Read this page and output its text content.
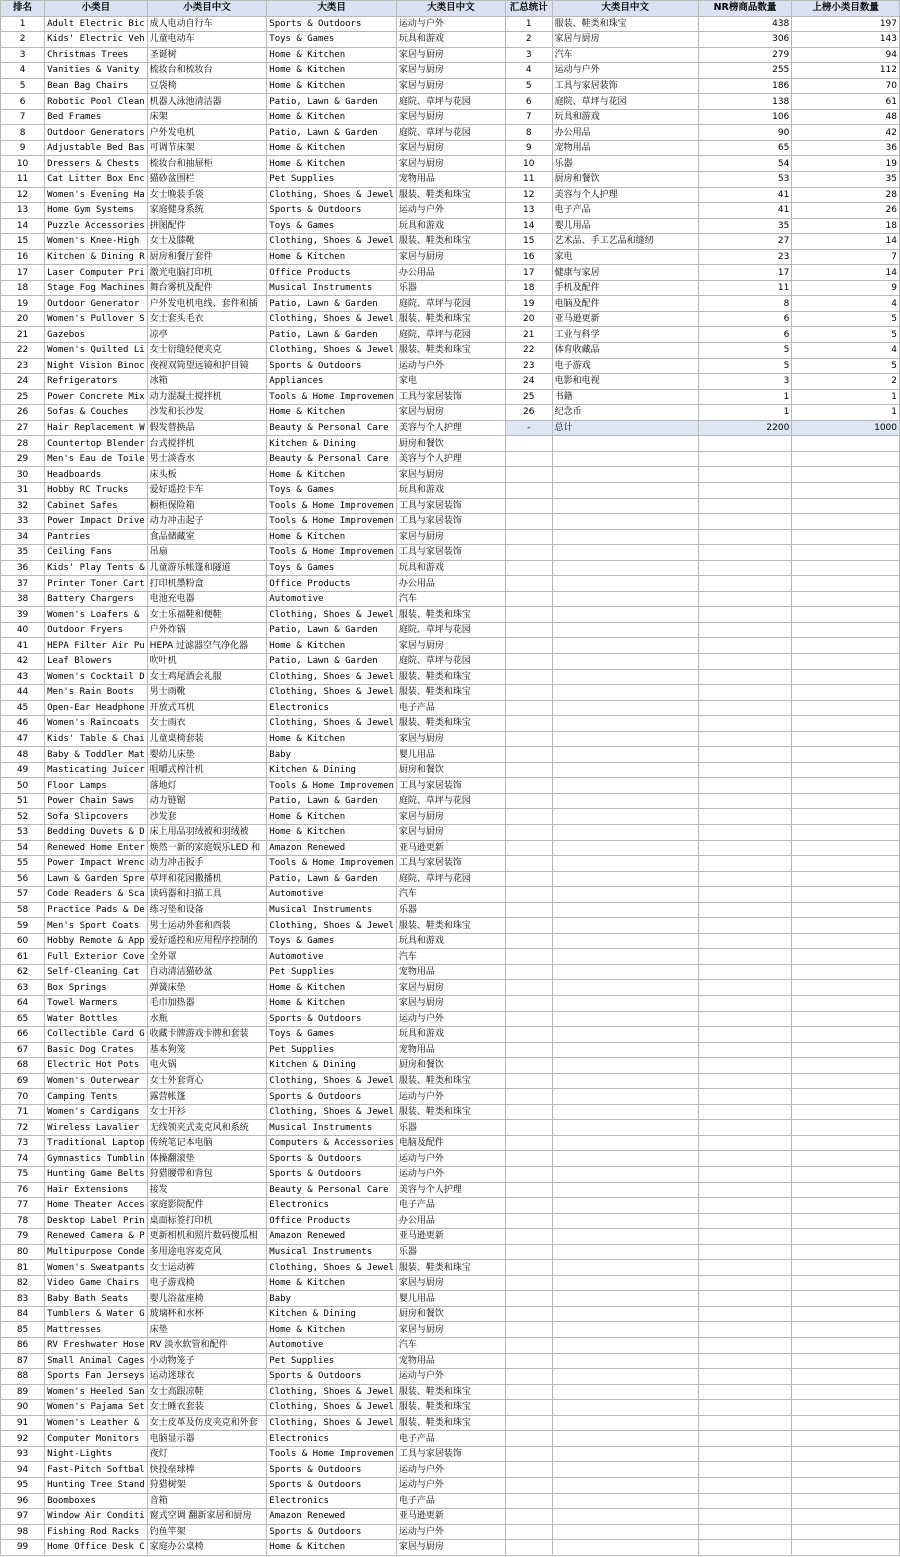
排名	小类目	小类目中文	大类目	大类目中文	汇总统计	大类目中文	NR榜商品数量	上榜小类目数量
1	Adult Electric Bic	成人电动自行车	Sports & Outdoors	运动与户外	1	服装、鞋类和珠宝	438	197
2	Kids' Electric Veh	儿童电动车	Toys & Games	玩具和游戏	2	家居与厨房	306	143
3	Christmas Trees	圣诞树	Home & Kitchen	家居与厨房	3	汽车	279	94
4	Vanities & Vanity	梳妆台和梳妆台	Home & Kitchen	家居与厨房	4	运动与户外	255	112
5	Bean Bag Chairs	豆袋椅	Home & Kitchen	家居与厨房	5	工具与家居装饰	186	70
6	Robotic Pool Clean	机器人泳池清洁器	Patio, Lawn & Garden	庭院、草坪与花园	6	庭院、草坪与花园	138	61
7	Bed Frames	床架	Home & Kitchen	家居与厨房	7	玩具和游戏	106	48
8	Outdoor Generators	户外发电机	Patio, Lawn & Garden	庭院、草坪与花园	8	办公用品	90	42
9	Adjustable Bed Bas	可调节床架	Home & Kitchen	家居与厨房	9	宠物用品	65	36
10	Dressers & Chests	梳妆台和抽屉柜	Home & Kitchen	家居与厨房	10	乐器	54	19
11	Cat Litter Box Enc	猫砂盆围栏	Pet Supplies	宠物用品	11	厨房和餐饮	53	35
12	Women's Evening Ha	女士晚装手袋	Clothing, Shoes & Jewel	服装、鞋类和珠宝	12	美容与个人护理	41	28
13	Home Gym Systems	家庭健身系统	Sports & Outdoors	运动与户外	13	电子产品	41	26
14	Puzzle Accessories	拼图配件	Toys & Games	玩具和游戏	14	婴儿用品	35	18
15	Women's Knee-High	女士及膝靴	Clothing, Shoes & Jewel	服装、鞋类和珠宝	15	艺术品、手工艺品和缝纫	27	14
16	Kitchen & Dining R	厨房和餐厅套件	Home & Kitchen	家居与厨房	16	家电	23	7
17	Laser Computer Pri	激光电脑打印机	Office Products	办公用品	17	健康与家居	17	14
18	Stage Fog Machines	舞台雾机及配件	Musical Instruments	乐器	18	手机及配件	11	9
19	Outdoor Generator	户外发电机电线、套件和插	Patio, Lawn & Garden	庭院、草坪与花园	19	电脑及配件	8	4
20	Women's Pullover S	女士套头毛衣	Clothing, Shoes & Jewel	服装、鞋类和珠宝	20	亚马逊更新	6	5
21	Gazebos	凉亭	Patio, Lawn & Garden	庭院、草坪与花园	21	工业与科学	6	5
22	Women's Quilted Li	女士衍缝轻便夹克	Clothing, Shoes & Jewel	服装、鞋类和珠宝	22	体育收藏品	5	4
23	Night Vision Binoc	夜视双筒望远镜和护目镜	Sports & Outdoors	运动与户外	23	电子游戏	5	5
24	Refrigerators	冰箱	Appliances	家电	24	电影和电视	3	2
25	Power Concrete Mix	动力混凝土搅拌机	Tools & Home Improvemen	工具与家居装饰	25	书籍	1	1
26	Sofas & Couches	沙发和长沙发	Home & Kitchen	家居与厨房	26	纪念币	1	1
27	Hair Replacement W	假发替换品	Beauty & Personal Care	美容与个人护理	-	总计	2200	1000
28	Countertop Blender	台式搅拌机	Kitchen & Dining	厨房和餐饮				
29	Men's Eau de Toile	男士淡香水	Beauty & Personal Care	美容与个人护理				
30	Headboards	床头板	Home & Kitchen	家居与厨房				
31	Hobby RC Trucks	爱好遥控卡车	Toys & Games	玩具和游戏				
32	Cabinet Safes	橱柜保险箱	Tools & Home Improvemen	工具与家居装饰				
33	Power Impact Drive	动力冲击起子	Tools & Home Improvemen	工具与家居装饰				
34	Pantries	食品储藏室	Home & Kitchen	家居与厨房				
35	Ceiling Fans	吊扇	Tools & Home Improvemen	工具与家居装饰				
36	Kids' Play Tents &	儿童游乐帐篷和隧道	Toys & Games	玩具和游戏				
37	Printer Toner Cart	打印机墨粉盒	Office Products	办公用品				
38	Battery Chargers	电池充电器	Automotive	汽车				
39	Women's Loafers &	女士乐福鞋和便鞋	Clothing, Shoes & Jewel	服装、鞋类和珠宝				
40	Outdoor Fryers	户外炸锅	Patio, Lawn & Garden	庭院、草坪与花园				
41	HEPA Filter Air Pu	HEPA 过滤器空气净化器	Home & Kitchen	家居与厨房				
42	Leaf Blowers	吹叶机	Patio, Lawn & Garden	庭院、草坪与花园				
43	Women's Cocktail D	女士鸡尾酒会礼服	Clothing, Shoes & Jewel	服装、鞋类和珠宝				
44	Men's Rain Boots	男士雨靴	Clothing, Shoes & Jewel	服装、鞋类和珠宝				
45	Open-Ear Headphone	开放式耳机	Electronics	电子产品				
46	Women's Raincoats	女士雨衣	Clothing, Shoes & Jewel	服装、鞋类和珠宝				
47	Kids' Table & Chai	儿童桌椅套装	Home & Kitchen	家居与厨房				
48	Baby & Toddler Mat	婴幼儿床垫	Baby	婴儿用品				
49	Masticating Juicer	咀嚼式榨汁机	Kitchen & Dining	厨房和餐饮				
50	Floor Lamps	落地灯	Tools & Home Improvemen	工具与家居装饰				
51	Power Chain Saws	动力链锯	Patio, Lawn & Garden	庭院、草坪与花园				
52	Sofa Slipcovers	沙发套	Home & Kitchen	家居与厨房				
53	Bedding Duvets & D	床上用品羽绒被和羽绒被	Home & Kitchen	家居与厨房				
54	Renewed Home Enter	焕然一新的家庭娱乐LED 和	Amazon Renewed	亚马逊更新				
55	Power Impact Wrenc	动力冲击扳手	Tools & Home Improvemen	工具与家居装饰				
56	Lawn & Garden Spre	草坪和花园撒播机	Patio, Lawn & Garden	庭院、草坪与花园				
57	Code Readers & Sca	读码器和扫描工具	Automotive	汽车				
58	Practice Pads & De	练习垫和设备	Musical Instruments	乐器				
59	Men's Sport Coats	男士运动外套和西装	Clothing, Shoes & Jewel	服装、鞋类和珠宝				
60	Hobby Remote & App	爱好遥控和应用程序控制的	Toys & Games	玩具和游戏				
61	Full Exterior Cove	全外罩	Automotive	汽车				
62	Self-Cleaning Cat	自动清洁猫砂盆	Pet Supplies	宠物用品				
63	Box Springs	弹簧床垫	Home & Kitchen	家居与厨房				
64	Towel Warmers	毛巾加热器	Home & Kitchen	家居与厨房				
65	Water Bottles	水瓶	Sports & Outdoors	运动与户外				
66	Collectible Card G	收藏卡牌游戏卡牌和套装	Toys & Games	玩具和游戏				
67	Basic Dog Crates	基本狗笼	Pet Supplies	宠物用品				
68	Electric Hot Pots	电火锅	Kitchen & Dining	厨房和餐饮				
69	Women's Outerwear	女士外套背心	Clothing, Shoes & Jewel	服装、鞋类和珠宝				
70	Camping Tents	露营帐篷	Sports & Outdoors	运动与户外				
71	Women's Cardigans	女士开衫	Clothing, Shoes & Jewel	服装、鞋类和珠宝				
72	Wireless Lavalier	无线领夹式麦克风和系统	Musical Instruments	乐器				
73	Traditional Laptop	传统笔记本电脑	Computers & Accessories	电脑及配件				
74	Gymnastics Tumblin	体操翻滚垫	Sports & Outdoors	运动与户外				
75	Hunting Game Belts	狩猎腰带和背包	Sports & Outdoors	运动与户外				
76	Hair Extensions	接发	Beauty & Personal Care	美容与个人护理				
77	Home Theater Acces	家庭影院配件	Electronics	电子产品				
78	Desktop Label Prin	桌面标签打印机	Office Products	办公用品				
79	Renewed Camera & P	更新相机和照片数码傻瓜相	Amazon Renewed	亚马逊更新				
80	Multipurpose Conde	多用途电容麦克风	Musical Instruments	乐器				
81	Women's Sweatpants	女士运动裤	Clothing, Shoes & Jewel	服装、鞋类和珠宝				
82	Video Game Chairs	电子游戏椅	Home & Kitchen	家居与厨房				
83	Baby Bath Seats	婴儿浴盆座椅	Baby	婴儿用品				
84	Tumblers & Water G	玻璃杯和水杯	Kitchen & Dining	厨房和餐饮				
85	Mattresses	床垫	Home & Kitchen	家居与厨房				
86	RV Freshwater Hose	RV 淡水软管和配件	Automotive	汽车				
87	Small Animal Cages	小动物笼子	Pet Supplies	宠物用品				
88	Sports Fan Jerseys	运动迷球衣	Sports & Outdoors	运动与户外				
89	Women's Heeled San	女士高跟凉鞋	Clothing, Shoes & Jewel	服装、鞋类和珠宝				
90	Women's Pajama Set	女士睡衣套装	Clothing, Shoes & Jewel	服装、鞋类和珠宝				
91	Women's Leather &	女士皮革及仿皮夹克和外套	Clothing, Shoes & Jewel	服装、鞋类和珠宝				
92	Computer Monitors	电脑显示器	Electronics	电子产品				
93	Night-Lights	夜灯	Tools & Home Improvemen	工具与家居装饰				
94	Fast-Pitch Softbal	快投垒球棒	Sports & Outdoors	运动与户外				
95	Hunting Tree Stand	狩猎树架	Sports & Outdoors	运动与户外				
96	Boomboxes	音箱	Electronics	电子产品				
97	Window Air Conditi	窗式空调 翻新家居和厨房	Amazon Renewed	亚马逊更新				
98	Fishing Rod Racks	钓鱼竿架	Sports & Outdoors	运动与户外				
99	Home Office Desk C	家庭办公桌椅	Home & Kitchen	家居与厨房				
